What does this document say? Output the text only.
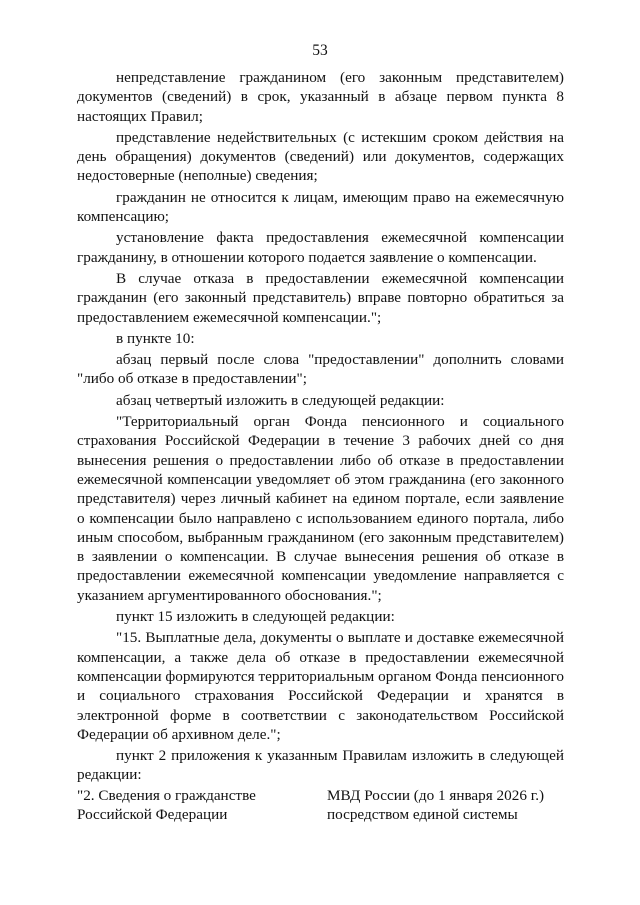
53

непредставление гражданином (его законным представителем) документов (сведений) в срок, указанный в абзаце первом пункта 8 настоящих Правил;

представление недействительных (с истекшим сроком действия на день обращения) документов (сведений) или документов, содержащих недостоверные (неполные) сведения;

гражданин не относится к лицам, имеющим право на ежемесячную компенсацию;

установление факта предоставления ежемесячной компенсации гражданину, в отношении которого подается заявление о компенсации.

В случае отказа в предоставлении ежемесячной компенсации гражданин (его законный представитель) вправе повторно обратиться за предоставлением ежемесячной компенсации.";

в пункте 10:

абзац первый после слова "предоставлении" дополнить словами "либо об отказе в предоставлении";

абзац четвертый изложить в следующей редакции:

"Территориальный орган Фонда пенсионного и социального страхования Российской Федерации в течение 3 рабочих дней со дня вынесения решения о предоставлении либо об отказе в предоставлении ежемесячной компенсации уведомляет об этом гражданина (его законного представителя) через личный кабинет на едином портале, если заявление о компенсации было направлено с использованием единого портала, либо иным способом, выбранным гражданином (его законным представителем) в заявлении о компенсации. В случае вынесения решения об отказе в предоставлении ежемесячной компенсации уведомление направляется с указанием аргументированного обоснования.";

пункт 15 изложить в следующей редакции:

"15. Выплатные дела, документы о выплате и доставке ежемесячной компенсации, а также дела об отказе в предоставлении ежемесячной компенсации формируются территориальным органом Фонда пенсионного и социального страхования Российской Федерации и хранятся в электронной форме в соответствии с законодательством Российской Федерации об архивном деле.";

пункт 2 приложения к указанным Правилам изложить в следующей редакции:

"2. Сведения о гражданстве
Российской Федерации
МВД России (до 1 января 2026 г.)
посредством единой системы
